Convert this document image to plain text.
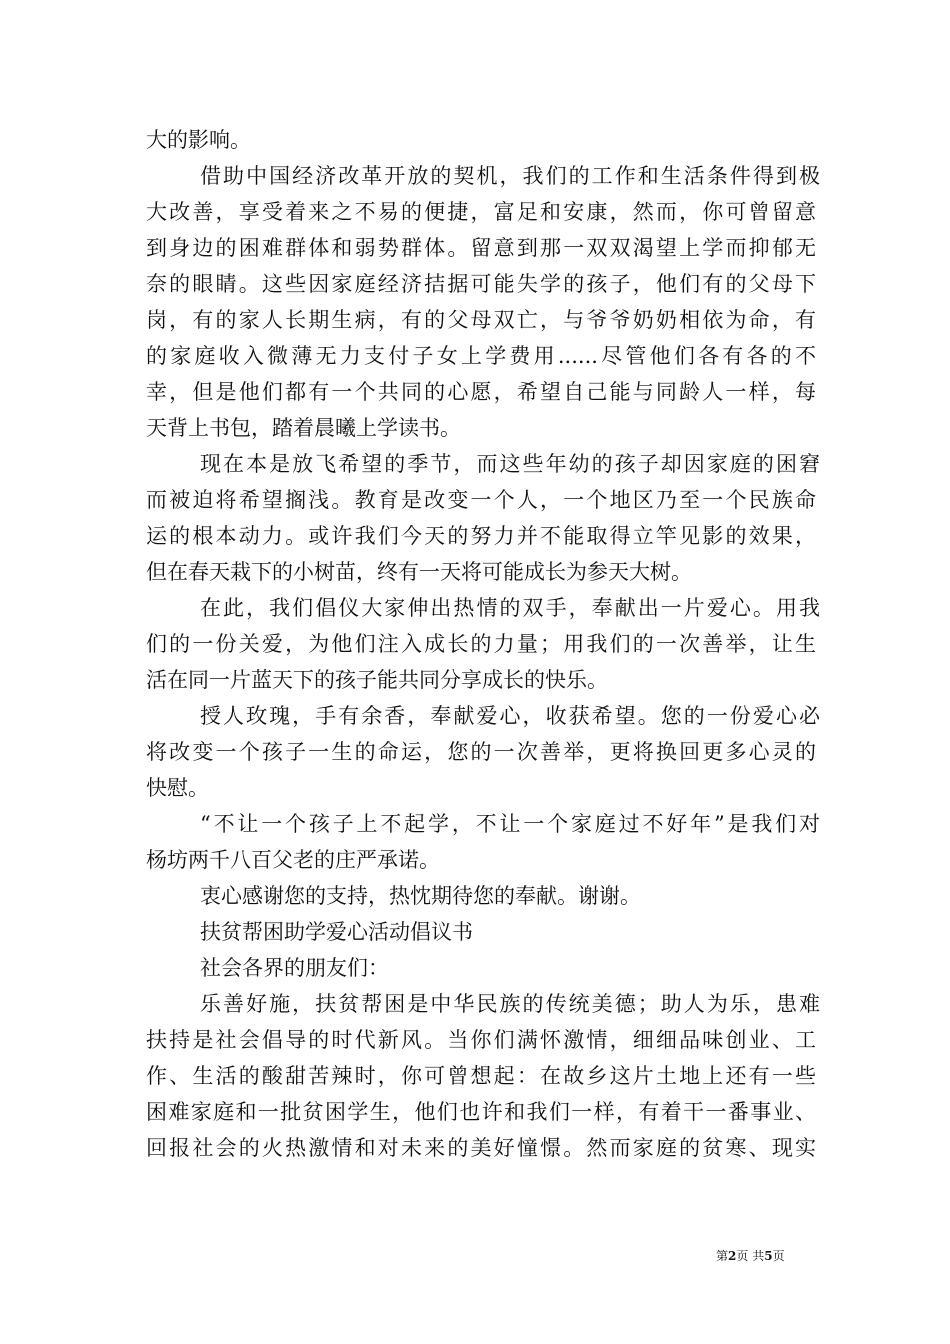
大的影响。
借助中国经济改革开放的契机，我们的工作和生活条件得到极
大改善，享受着来之不易的便捷，富足和安康，然而，你可曾留意
到身边的困难群体和弱势群体。留意到那一双双渴望上学而抑郁无
奈的眼睛。这些因家庭经济拮据可能失学的孩子，他们有的父母下
岗，有的家人长期生病，有的父母双亡，与爷爷奶奶相依为命，有
的家庭收入微薄无力支付子女上学费用......尽管他们各有各的不
幸，但是他们都有一个共同的心愿，希望自己能与同龄人一样，每
天背上书包，踏着晨曦上学读书。
现在本是放飞希望的季节，而这些年幼的孩子却因家庭的困窘
而被迫将希望搁浅。教育是改变一个人，一个地区乃至一个民族命
运的根本动力。或许我们今天的努力并不能取得立竿见影的效果，
但在春天栽下的小树苗，终有一天将可能成长为参天大树。
在此，我们倡仪大家伸出热情的双手，奉献出一片爱心。用我
们的一份关爱，为他们注入成长的力量；用我们的一次善举，让生
活在同一片蓝天下的孩子能共同分享成长的快乐。
授人玫瑰，手有余香，奉献爱心，收获希望。您的一份爱心必
将改变一个孩子一生的命运，您的一次善举，更将换回更多心灵的
快慰。
“不让一个孩子上不起学，不让一个家庭过不好年”是我们对
杨坊两千八百父老的庄严承诺。
衷心感谢您的支持，热忱期待您的奉献。谢谢。
扶贫帮困助学爱心活动倡议书
社会各界的朋友们：
乐善好施，扶贫帮困是中华民族的传统美德；助人为乐，患难
扶持是社会倡导的时代新风。当你们满怀激情，细细品味创业、工
作、生活的酸甜苦辣时，你可曾想起：在故乡这片土地上还有一些
困难家庭和一批贫困学生，他们也许和我们一样，有着干一番事业、
回报社会的火热激情和对未来的美好憧憬。然而家庭的贫寒、现实
第2页 共5页
